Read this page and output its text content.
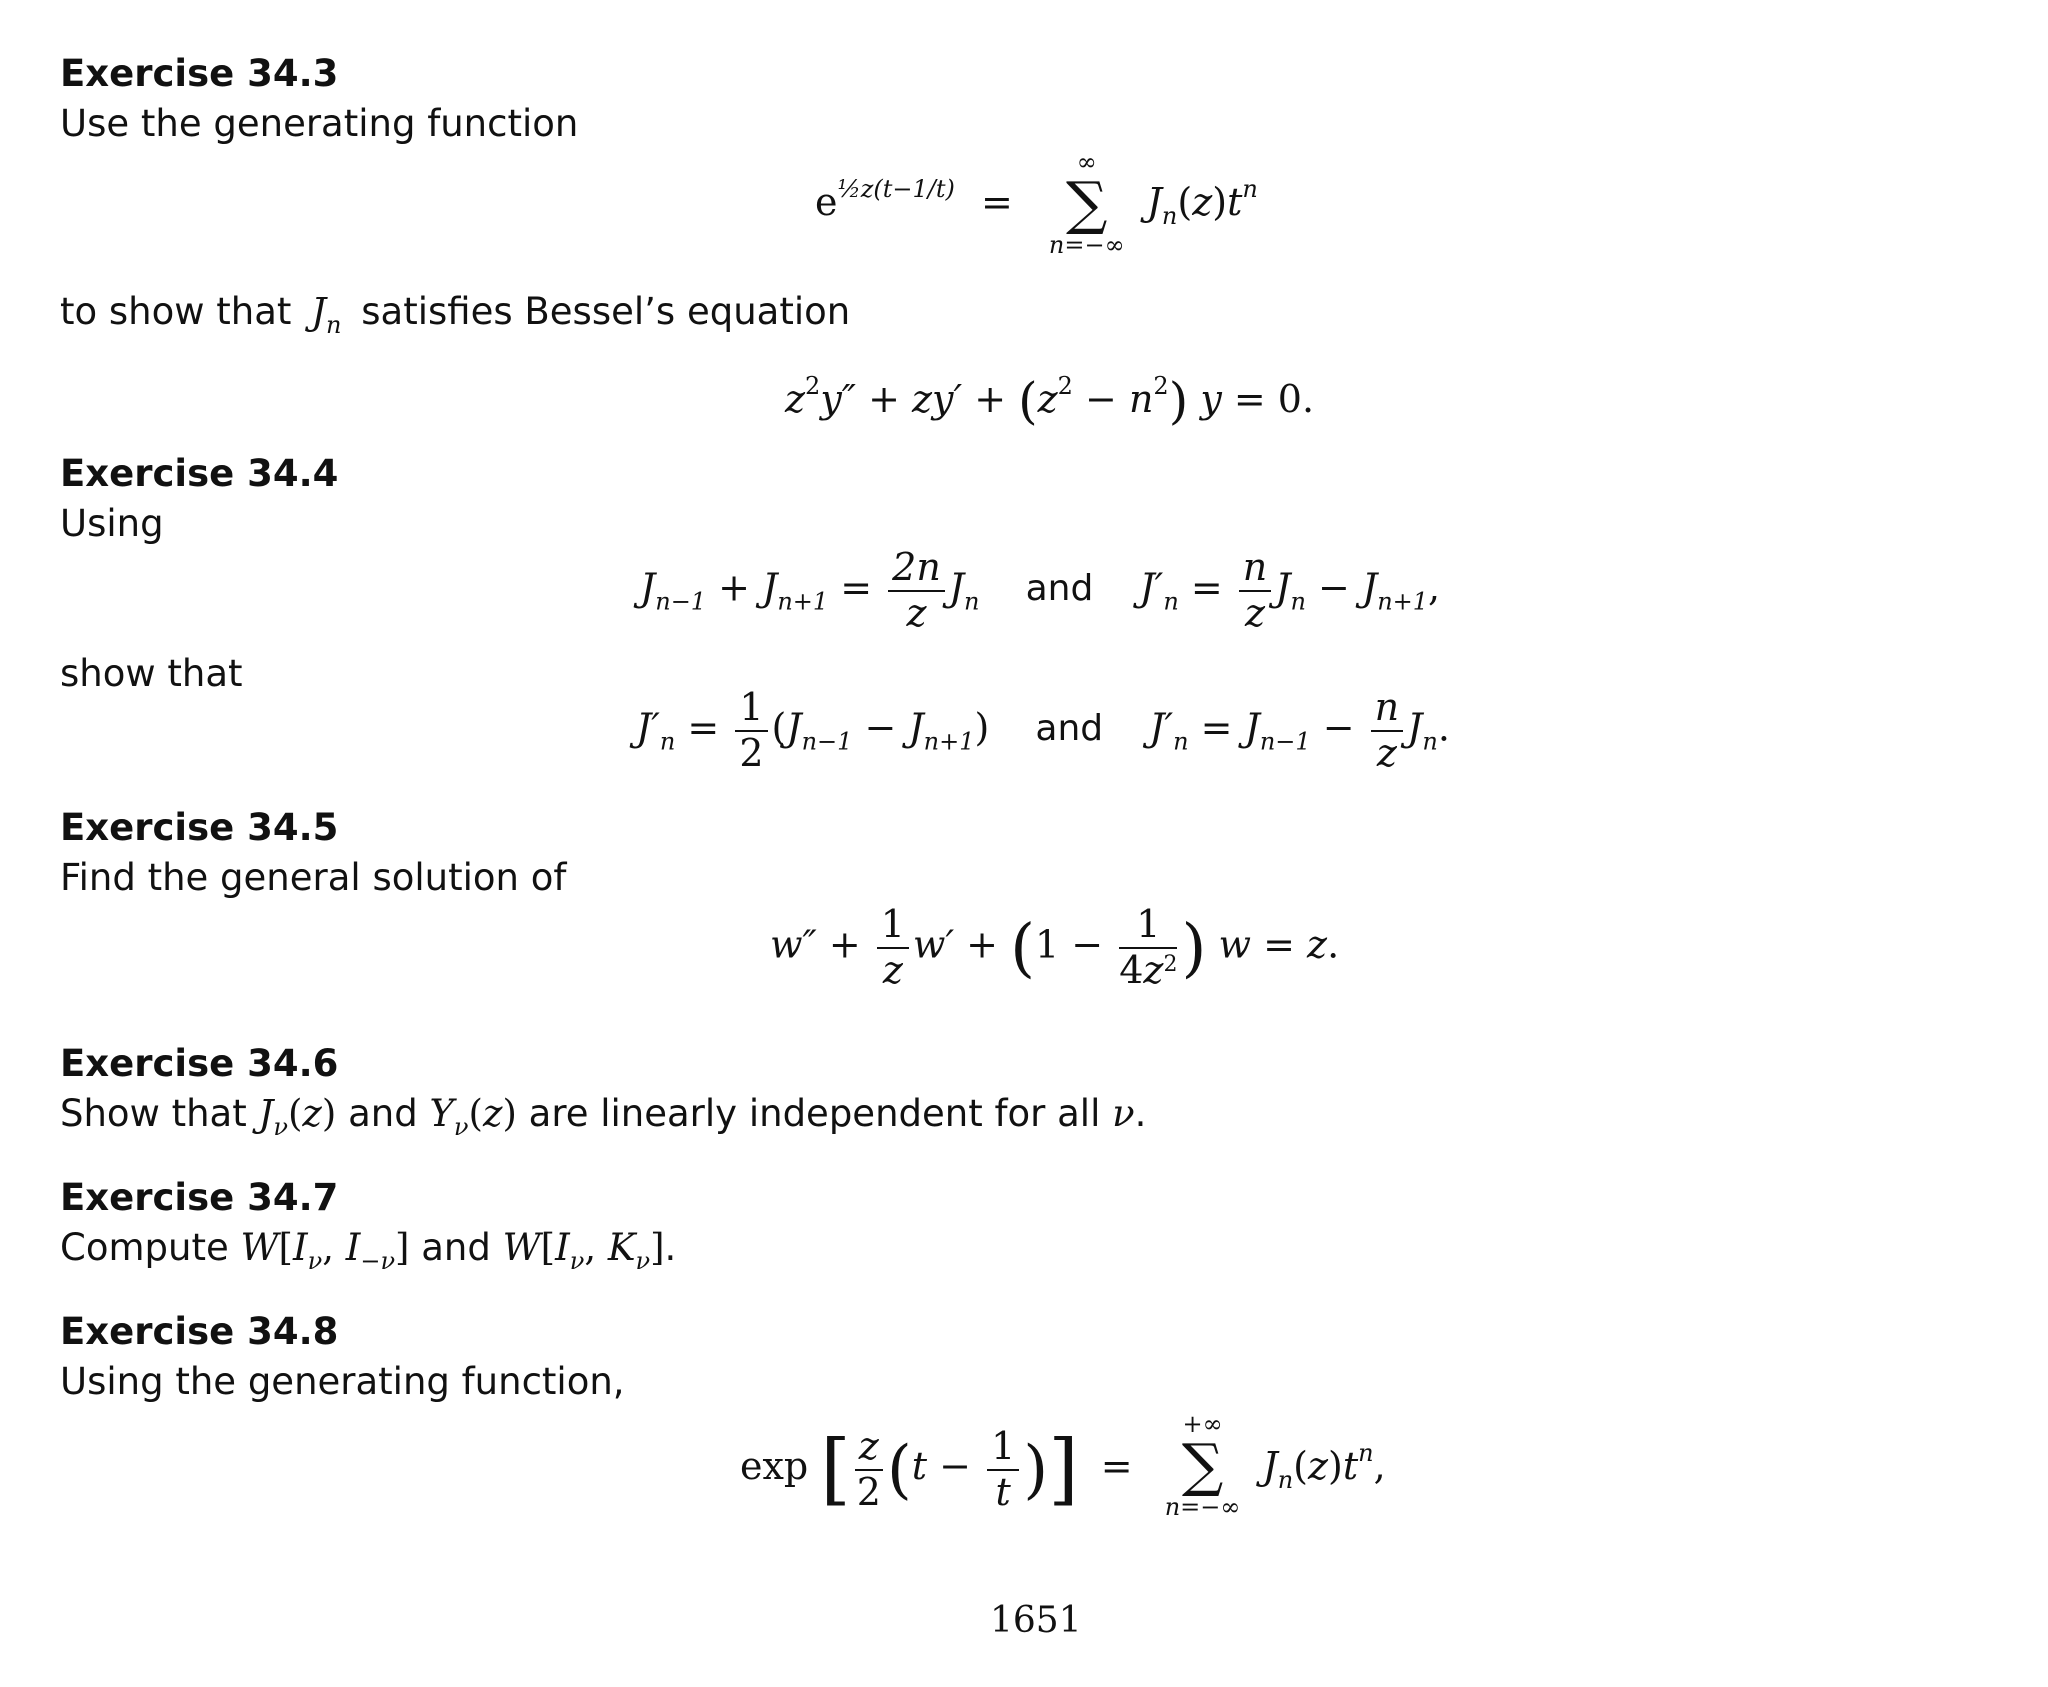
Exercise 34.3
Use the generating function
$e^{\frac{1}{2}z(t-1/t)}$ =
∞
∑
n=−∞
$J_n(z)t^n$
to show that $J_n$ satisfies Bessel’s equation
$z^2y'' + zy' + (z^2 - n^2) y = 0$.
Exercise 34.4
Using
$J_{n-1} + J_{n+1} = \frac{2n}{z} J_n$ and $J'_n = \frac{n}{z} J_n - J_{n+1}$,
show that
$J'_n = \frac{1}{2} (J_{n-1} - J_{n+1})$ and $J'_n = J_{n-1} - \frac{n}{z} J_n$.
Exercise 34.5
Find the general solution of
$w'' + \frac{1}{z} w' + (1 - \frac{1}{4z^2}$ ) w = z.
Exercise 34.6
Show that $J_\nu(z)$ and $Y_\nu(z)$ are linearly independent for all ν.
Exercise 34.7
Compute $W[I_\nu$, $I_{-\nu}$] and $W[I_\nu$, $K_\nu$].
Exercise 34.8
Using the generating function,
exp [ $\frac{z}{2} (t - \frac{1}{t}$ )] =
+∞
∑
n=−∞
$J_n(z)t^n$,
1651
